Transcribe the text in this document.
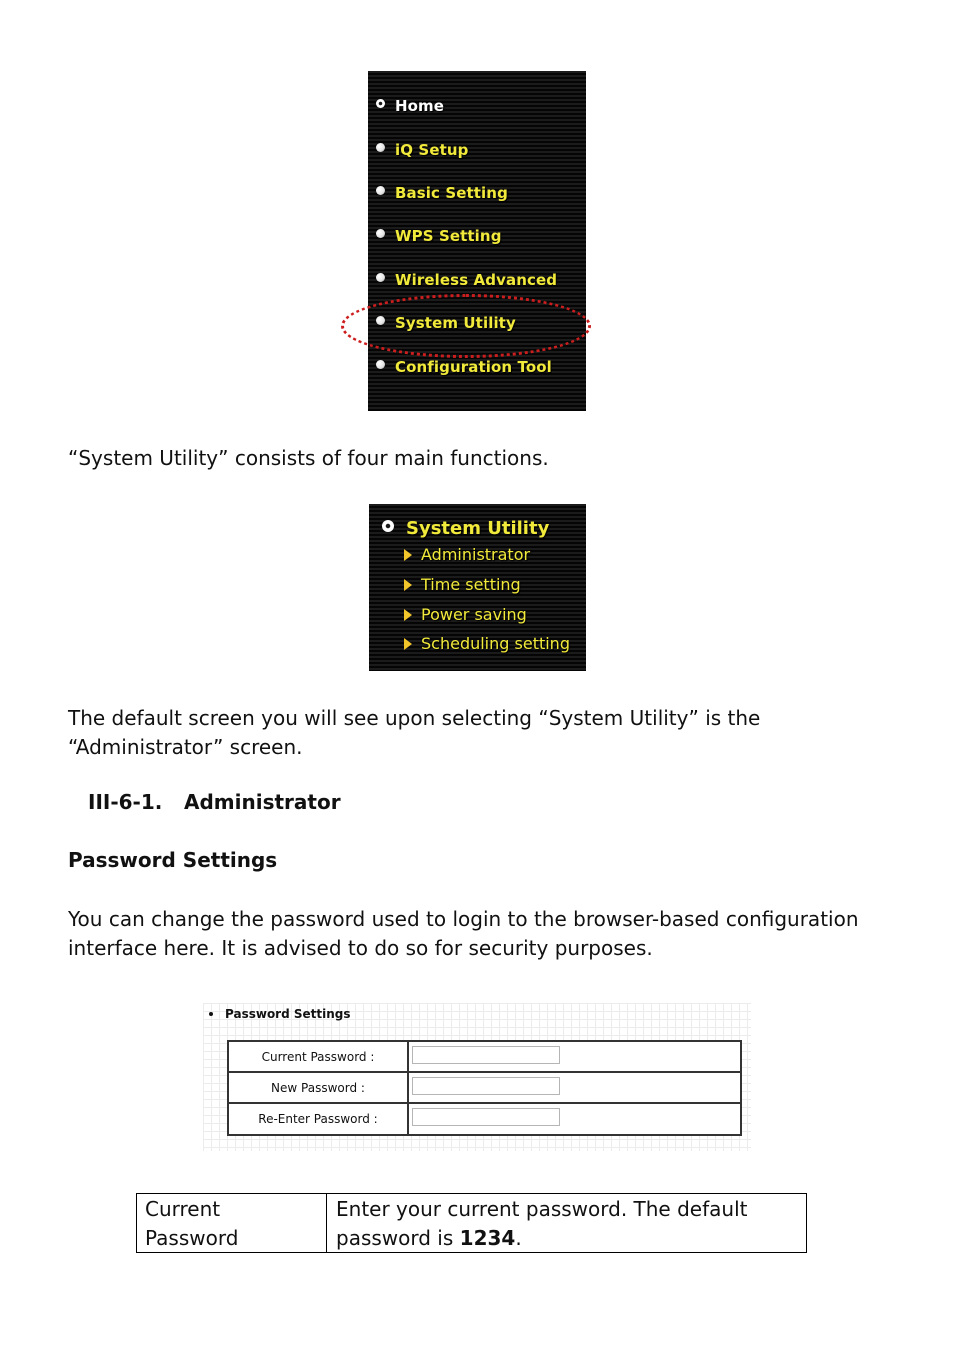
Home
iQ Setup
Basic Setting
WPS Setting
Wireless Advanced
System Utility
Configuration Tool

“System Utility” consists of four main functions.

System Utility
Administrator
Time setting
Power saving
Scheduling setting

The default screen you will see upon selecting “System Utility” is the “Administrator” screen.

III-6-1. Administrator
Password Settings

You can change the password used to login to the browser-based configuration interface here. It is advised to do so for security purposes.

Password Settings
Current Password :
New Password :
Re-Enter Password :
Current Password
Enter your current password. The default password is 1234.
